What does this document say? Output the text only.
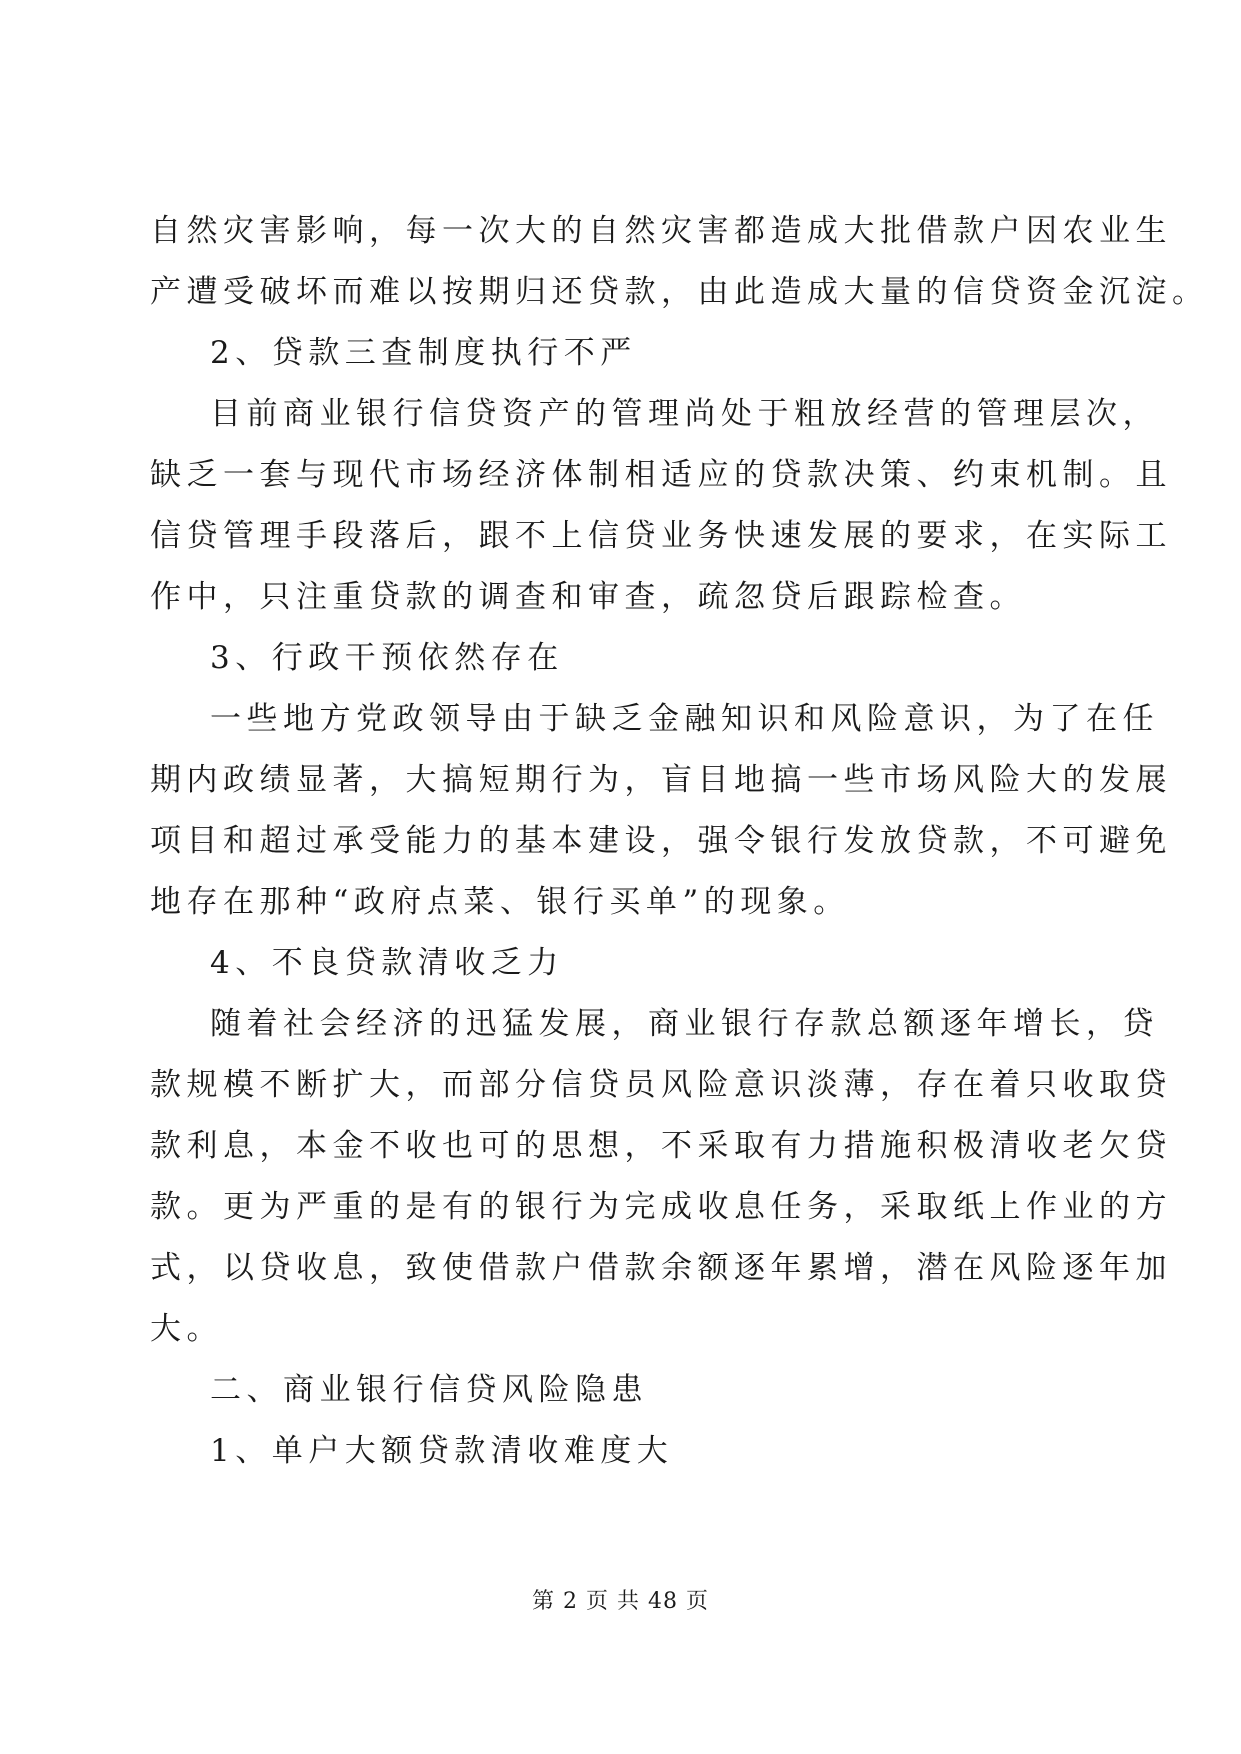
自然灾害影响，每一次大的自然灾害都造成大批借款户因农业生
产遭受破坏而难以按期归还贷款，由此造成大量的信贷资金沉淀。
2、贷款三查制度执行不严
目前商业银行信贷资产的管理尚处于粗放经营的管理层次，
缺乏一套与现代市场经济体制相适应的贷款决策、约束机制。且
信贷管理手段落后，跟不上信贷业务快速发展的要求，在实际工
作中，只注重贷款的调查和审查，疏忽贷后跟踪检查。
3、行政干预依然存在
一些地方党政领导由于缺乏金融知识和风险意识，为了在任
期内政绩显著，大搞短期行为，盲目地搞一些市场风险大的发展
项目和超过承受能力的基本建设，强令银行发放贷款，不可避免
地存在那种“政府点菜、银行买单”的现象。
4、不良贷款清收乏力
随着社会经济的迅猛发展，商业银行存款总额逐年增长，贷
款规模不断扩大，而部分信贷员风险意识淡薄，存在着只收取贷
款利息，本金不收也可的思想，不采取有力措施积极清收老欠贷
款。更为严重的是有的银行为完成收息任务，采取纸上作业的方
式，以贷收息，致使借款户借款余额逐年累增，潜在风险逐年加
大。
二、商业银行信贷风险隐患
1、单户大额贷款清收难度大
第 2 页 共 48 页
